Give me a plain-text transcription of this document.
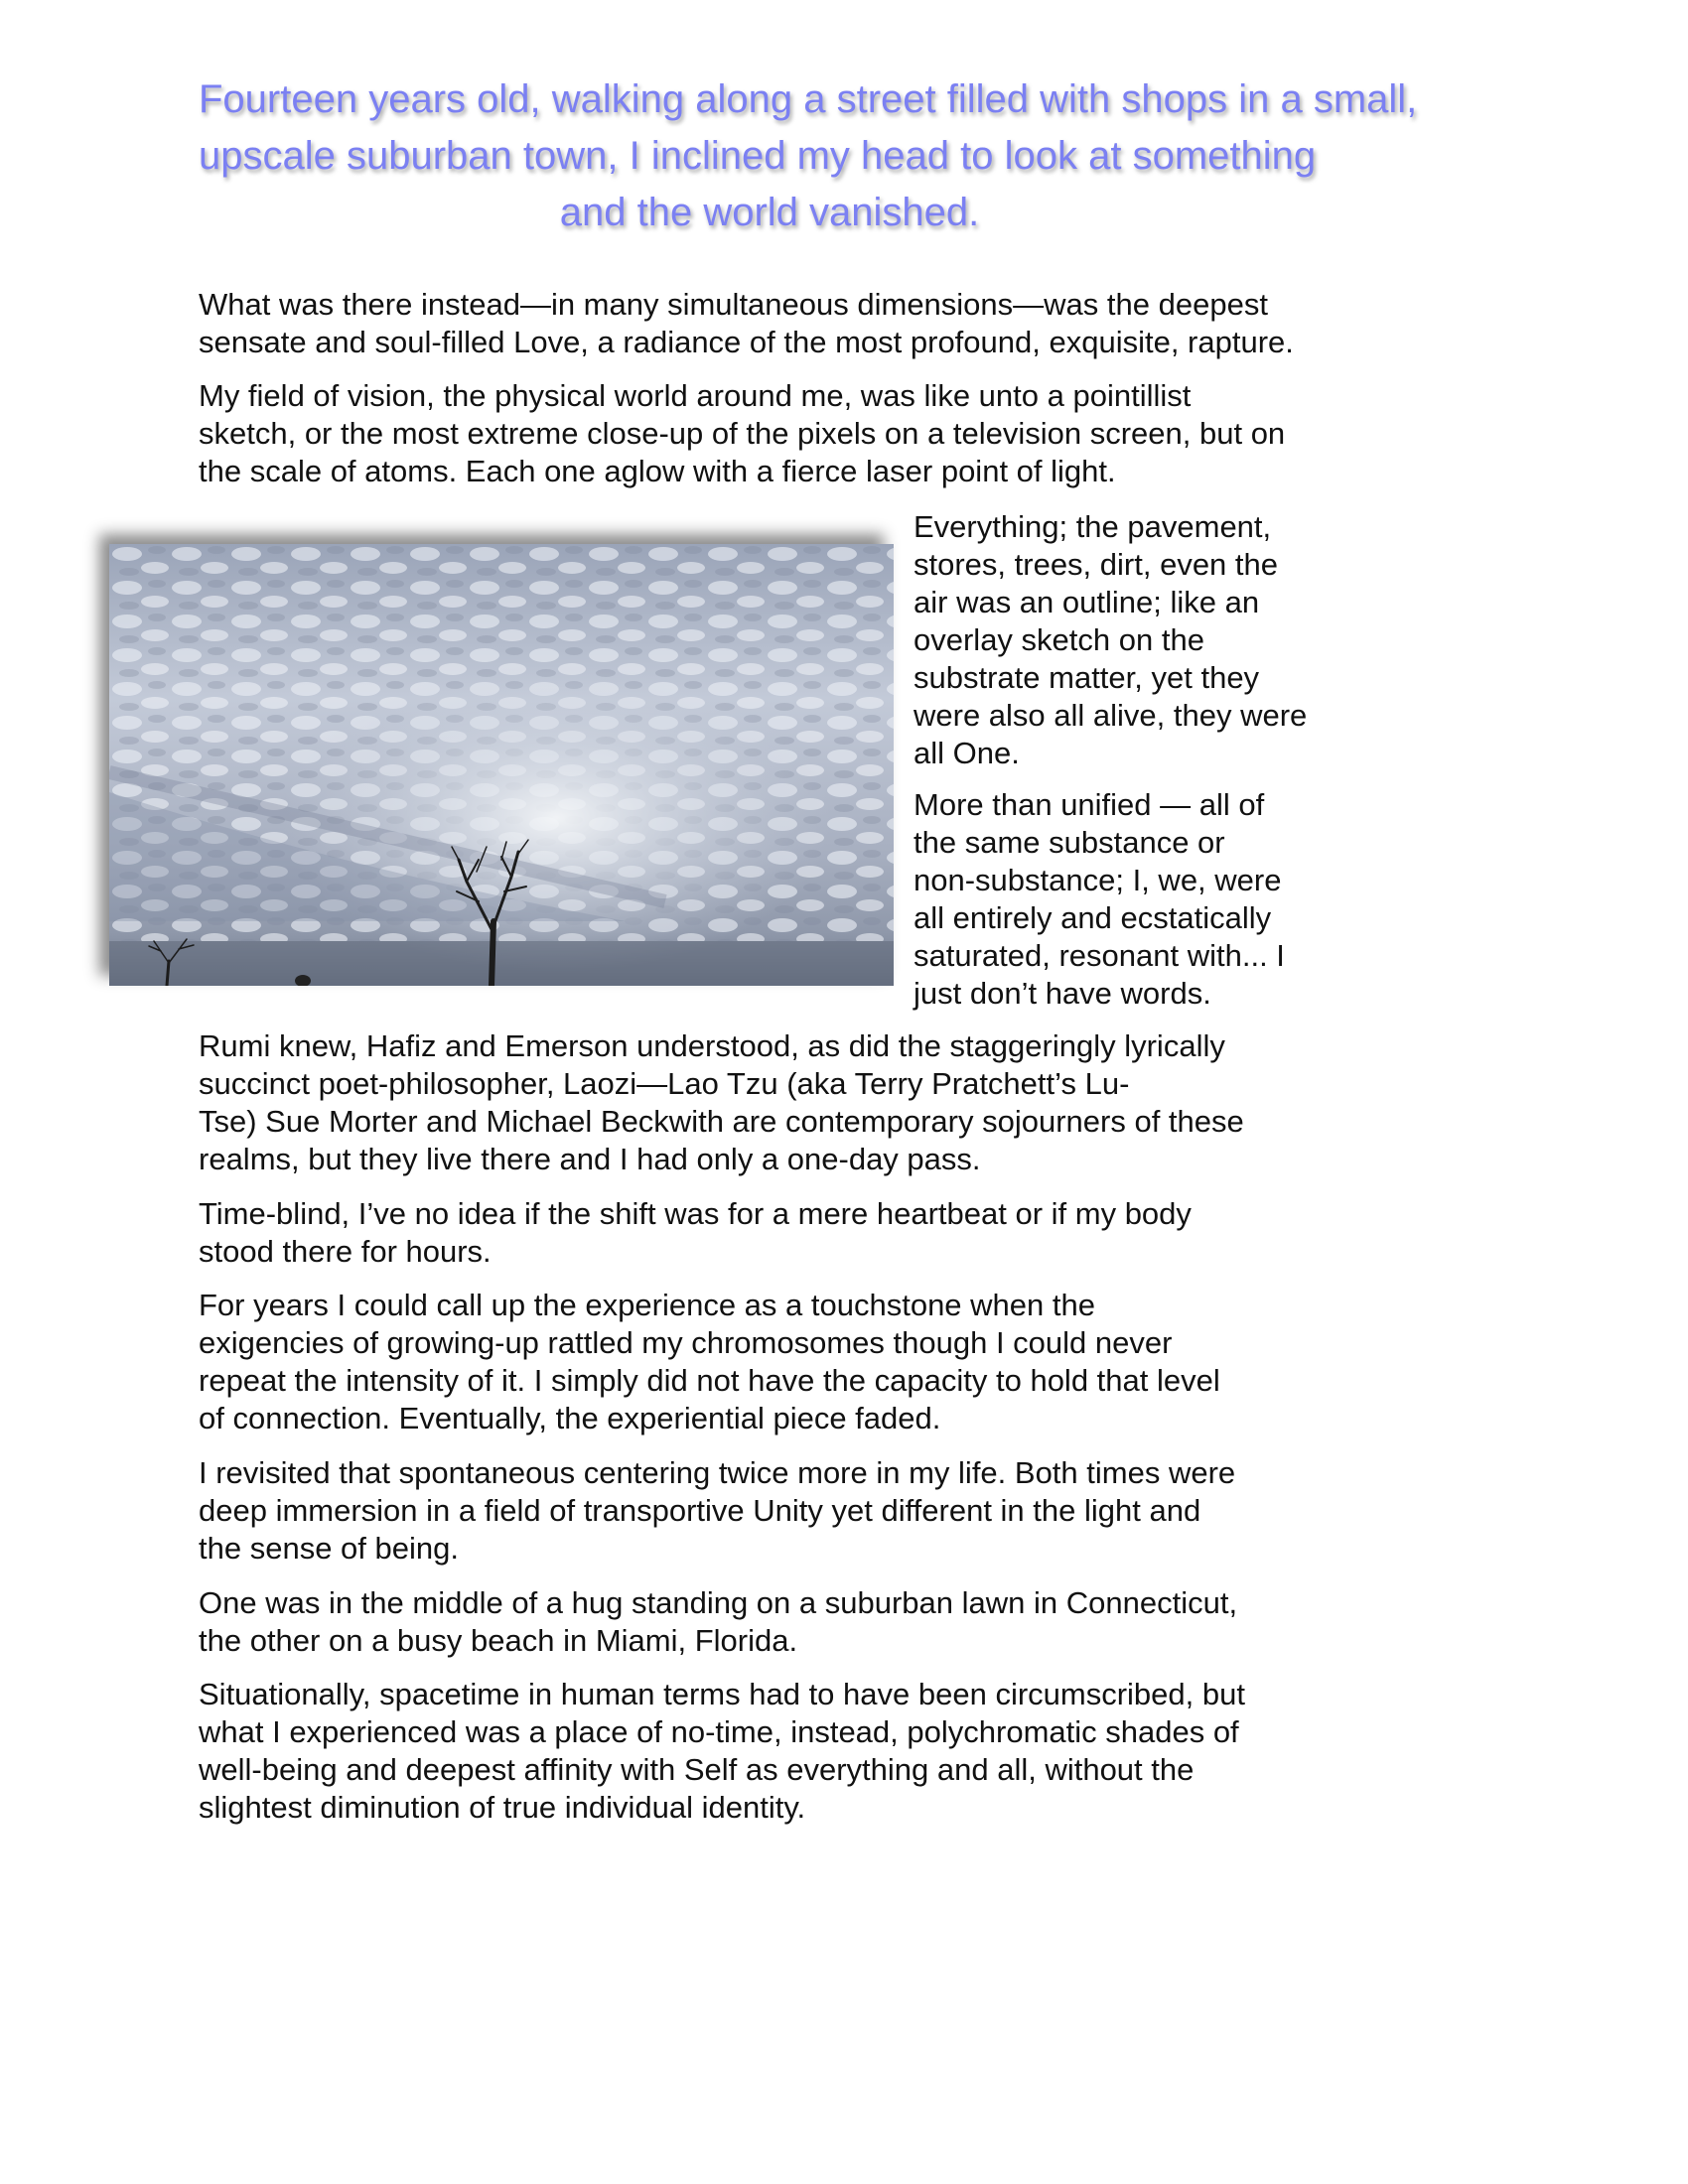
Fourteen years old, walking along a street filled with shops in a small,
upscale suburban town, I inclined my head to look at something
and the world vanished.

What was there instead—in many simultaneous dimensions—was the deepest
sensate and soul-filled Love, a radiance of the most profound, exquisite, rapture.

My field of vision, the physical world around me, was like unto a pointillist
sketch, or the most extreme close-up of the pixels on a television screen, but on
the scale of atoms. Each one aglow with a fierce laser point of light.

Everything; the pavement,
stores, trees, dirt, even the
air was an outline; like an
overlay sketch on the
substrate matter, yet they
were also all alive, they were
all One.

More than unified — all of
the same substance or
non-substance; I, we, were
all entirely and ecstatically
saturated, resonant with... I
just don’t have words.

Rumi knew, Hafiz and Emerson understood, as did the staggeringly lyrically
succinct poet-philosopher, Laozi—Lao Tzu (aka Terry Pratchett’s Lu-
Tse) Sue Morter and Michael Beckwith are contemporary sojourners of these
realms, but they live there and I had only a one-day pass.

Time-blind, I’ve no idea if the shift was for a mere heartbeat or if my body
stood there for hours.

For years I could call up the experience as a touchstone when the
exigencies of growing-up rattled my chromosomes though I could never
repeat the intensity of it. I simply did not have the capacity to hold that level
of connection. Eventually, the experiential piece faded.

I revisited that spontaneous centering twice more in my life. Both times were
deep immersion in a field of transportive Unity yet different in the light and
the sense of being.

One was in the middle of a hug standing on a suburban lawn in Connecticut,
the other on a busy beach in Miami, Florida.

Situationally, spacetime in human terms had to have been circumscribed, but
what I experienced was a place of no-time, instead, polychromatic shades of
well-being and deepest affinity with Self as everything and all, without the
slightest diminution of true individual identity.
